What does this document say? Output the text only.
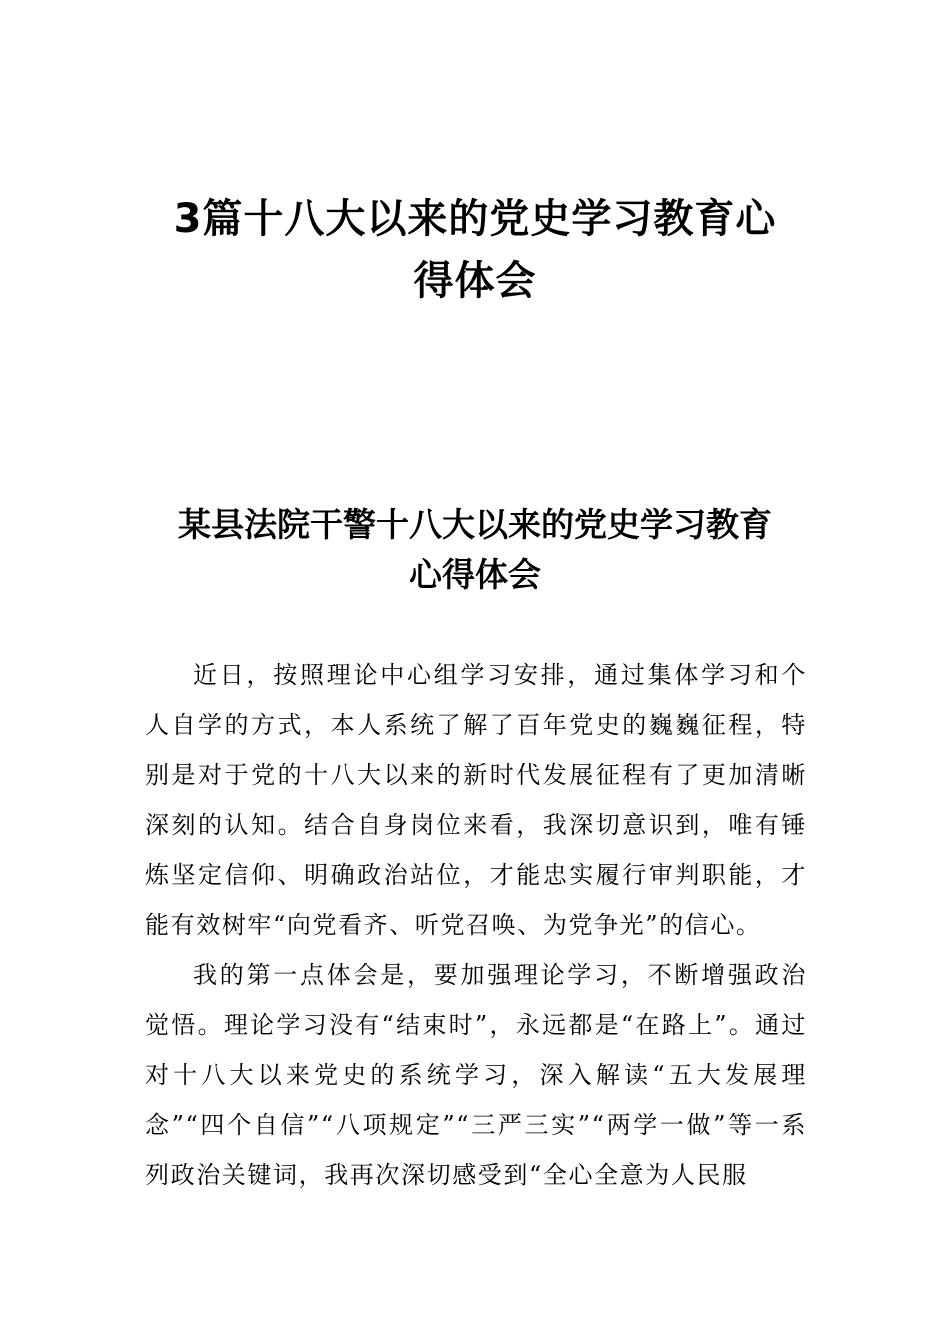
3篇十八大以来的党史学习教育心
得体会
某县法院干警十八大以来的党史学习教育
心得体会

近日，按照理论中心组学习安排，通过集体学习和个人自学的方式，本人系统了解了百年党史的巍巍征程，特别是对于党的十八大以来的新时代发展征程有了更加清晰深刻的认知。结合自身岗位来看，我深切意识到，唯有锤炼坚定信仰、明确政治站位，才能忠实履行审判职能，才能有效树牢“向党看齐、听党召唤、为党争光”的信心。

我的第一点体会是，要加强理论学习，不断增强政治觉悟。理论学习没有“结束时”，永远都是“在路上”。通过对十八大以来党史的系统学习，深入解读“五大发展理念”“四个自信”“八项规定”“三严三实”“两学一做”等一系列政治关键词，我再次深切感受到“全心全意为人民服
